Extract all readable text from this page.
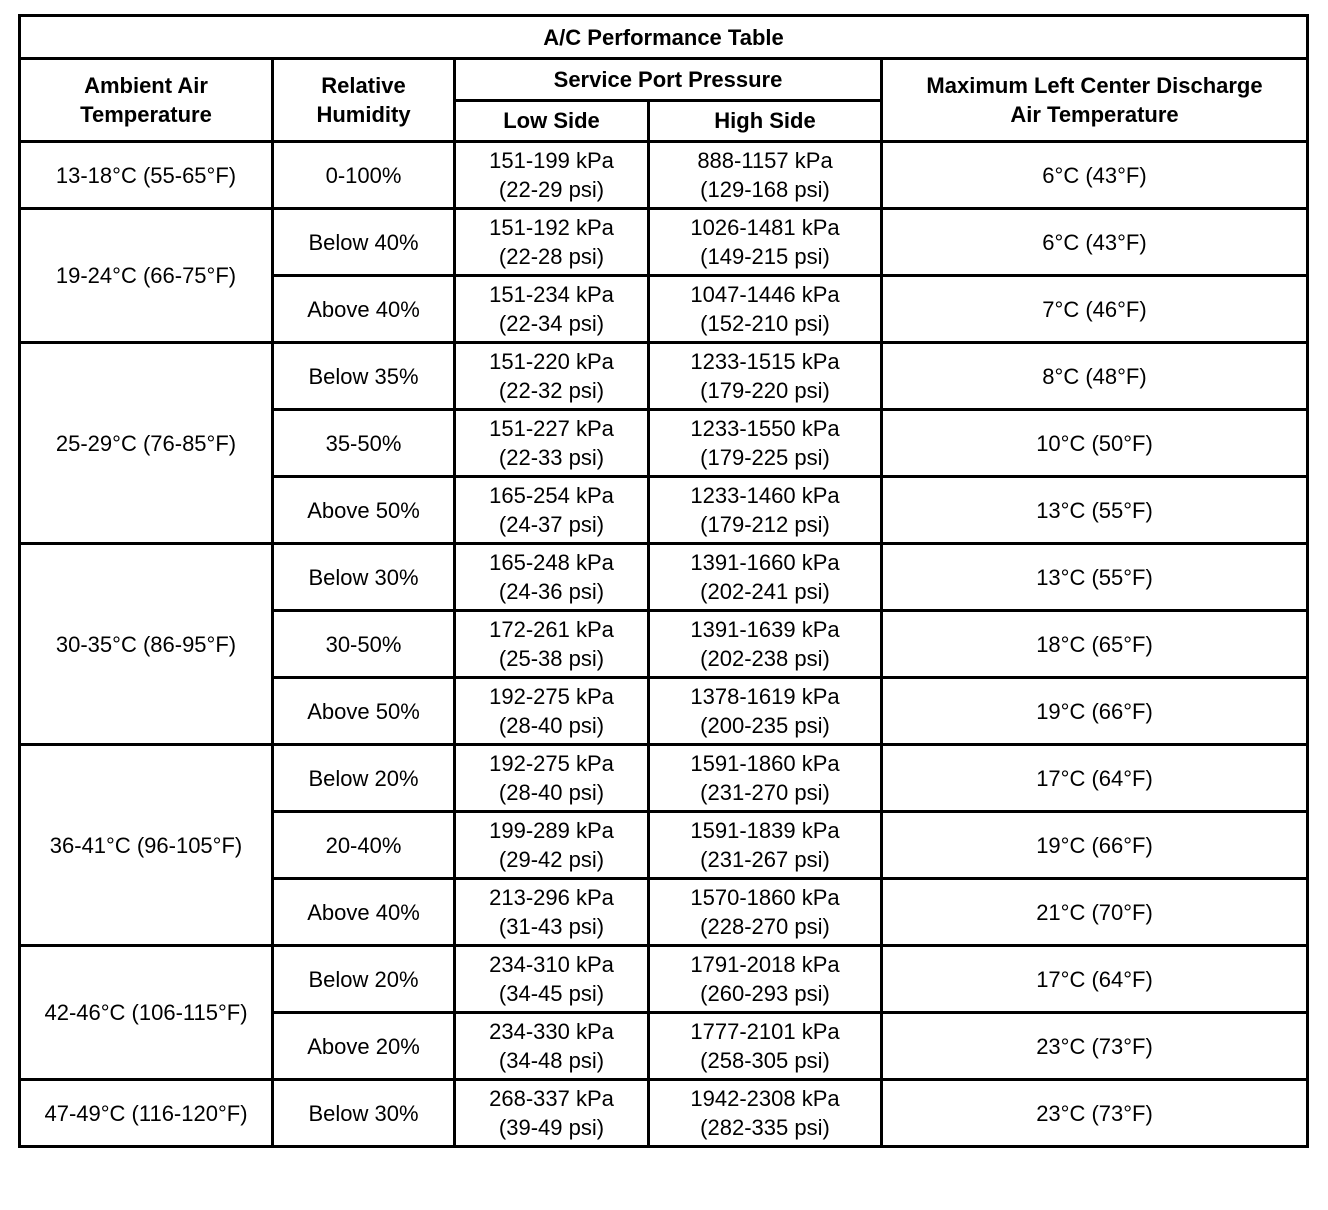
A/C Performance Table				

Ambient Air
Temperature	Relative
Humidity	Service Port Pressure		Maximum Left Center Discharge
Air Temperature

		Low Side	High Side	
13-18°C (55-65°F)	0-100%	151-199 kPa
(22-29 psi)	888-1157 kPa
(129-168 psi)	6°C (43°F)
19-24°C (66-75°F)	Below 40%	151-192 kPa
(22-28 psi)	1026-1481 kPa
(149-215 psi)	6°C (43°F)
	Above 40%	151-234 kPa
(22-34 psi)	1047-1446 kPa
(152-210 psi)	7°C (46°F)
25-29°C (76-85°F)	Below 35%	151-220 kPa
(22-32 psi)	1233-1515 kPa
(179-220 psi)	8°C (48°F)
	35-50%	151-227 kPa
(22-33 psi)	1233-1550 kPa
(179-225 psi)	10°C (50°F)
	Above 50%	165-254 kPa
(24-37 psi)	1233-1460 kPa
(179-212 psi)	13°C (55°F)
30-35°C (86-95°F)	Below 30%	165-248 kPa
(24-36 psi)	1391-1660 kPa
(202-241 psi)	13°C (55°F)
	30-50%	172-261 kPa
(25-38 psi)	1391-1639 kPa
(202-238 psi)	18°C (65°F)
	Above 50%	192-275 kPa
(28-40 psi)	1378-1619 kPa
(200-235 psi)	19°C (66°F)
36-41°C (96-105°F)	Below 20%	192-275 kPa
(28-40 psi)	1591-1860 kPa
(231-270 psi)	17°C (64°F)
	20-40%	199-289 kPa
(29-42 psi)	1591-1839 kPa
(231-267 psi)	19°C (66°F)
	Above 40%	213-296 kPa
(31-43 psi)	1570-1860 kPa
(228-270 psi)	21°C (70°F)
42-46°C (106-115°F)	Below 20%	234-310 kPa
(34-45 psi)	1791-2018 kPa
(260-293 psi)	17°C (64°F)
	Above 20%	234-330 kPa
(34-48 psi)	1777-2101 kPa
(258-305 psi)	23°C (73°F)
47-49°C (116-120°F)	Below 30%	268-337 kPa
(39-49 psi)	1942-2308 kPa
(282-335 psi)	23°C (73°F)
